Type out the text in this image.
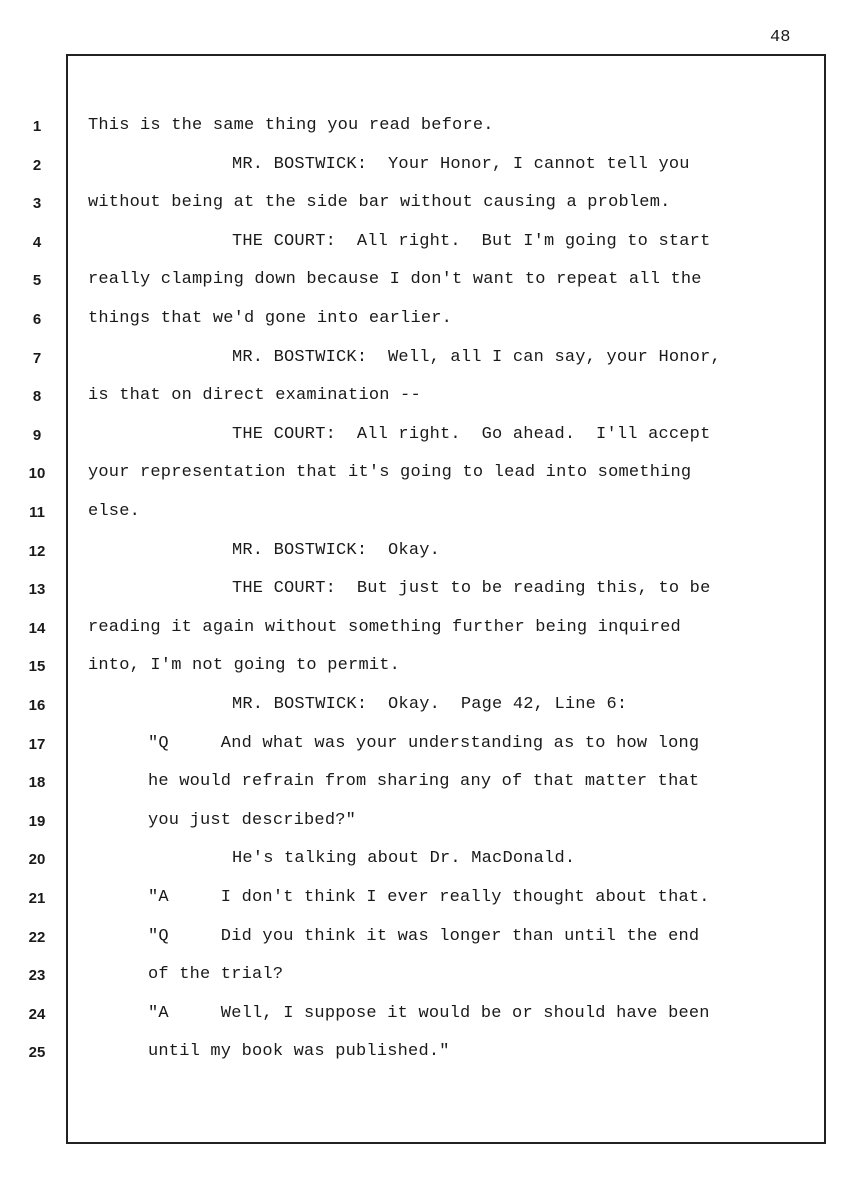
48
1	This is the same thing you read before.
2	MR. BOSTWICK:  Your Honor, I cannot tell you
3	without being at the side bar without causing a problem.
4	THE COURT:  All right.  But I'm going to start
5	really clamping down because I don't want to repeat all the
6	things that we'd gone into earlier.
7	MR. BOSTWICK:  Well, all I can say, your Honor,
8	is that on direct examination --
9	THE COURT:  All right.  Go ahead.  I'll accept
10	your representation that it's going to lead into something
11	else.
12	MR. BOSTWICK:  Okay.
13	THE COURT:  But just to be reading this, to be
14	reading it again without something further being inquired
15	into, I'm not going to permit.
16	MR. BOSTWICK:  Okay.  Page 42, Line 6:
17	"Q     And what was your understanding as to how long
18	he would refrain from sharing any of that matter that
19	you just described?"
20	He's talking about Dr. MacDonald.
21	"A     I don't think I ever really thought about that.
22	"Q     Did you think it was longer than until the end
23	of the trial?
24	"A     Well, I suppose it would be or should have been
25	until my book was published."
